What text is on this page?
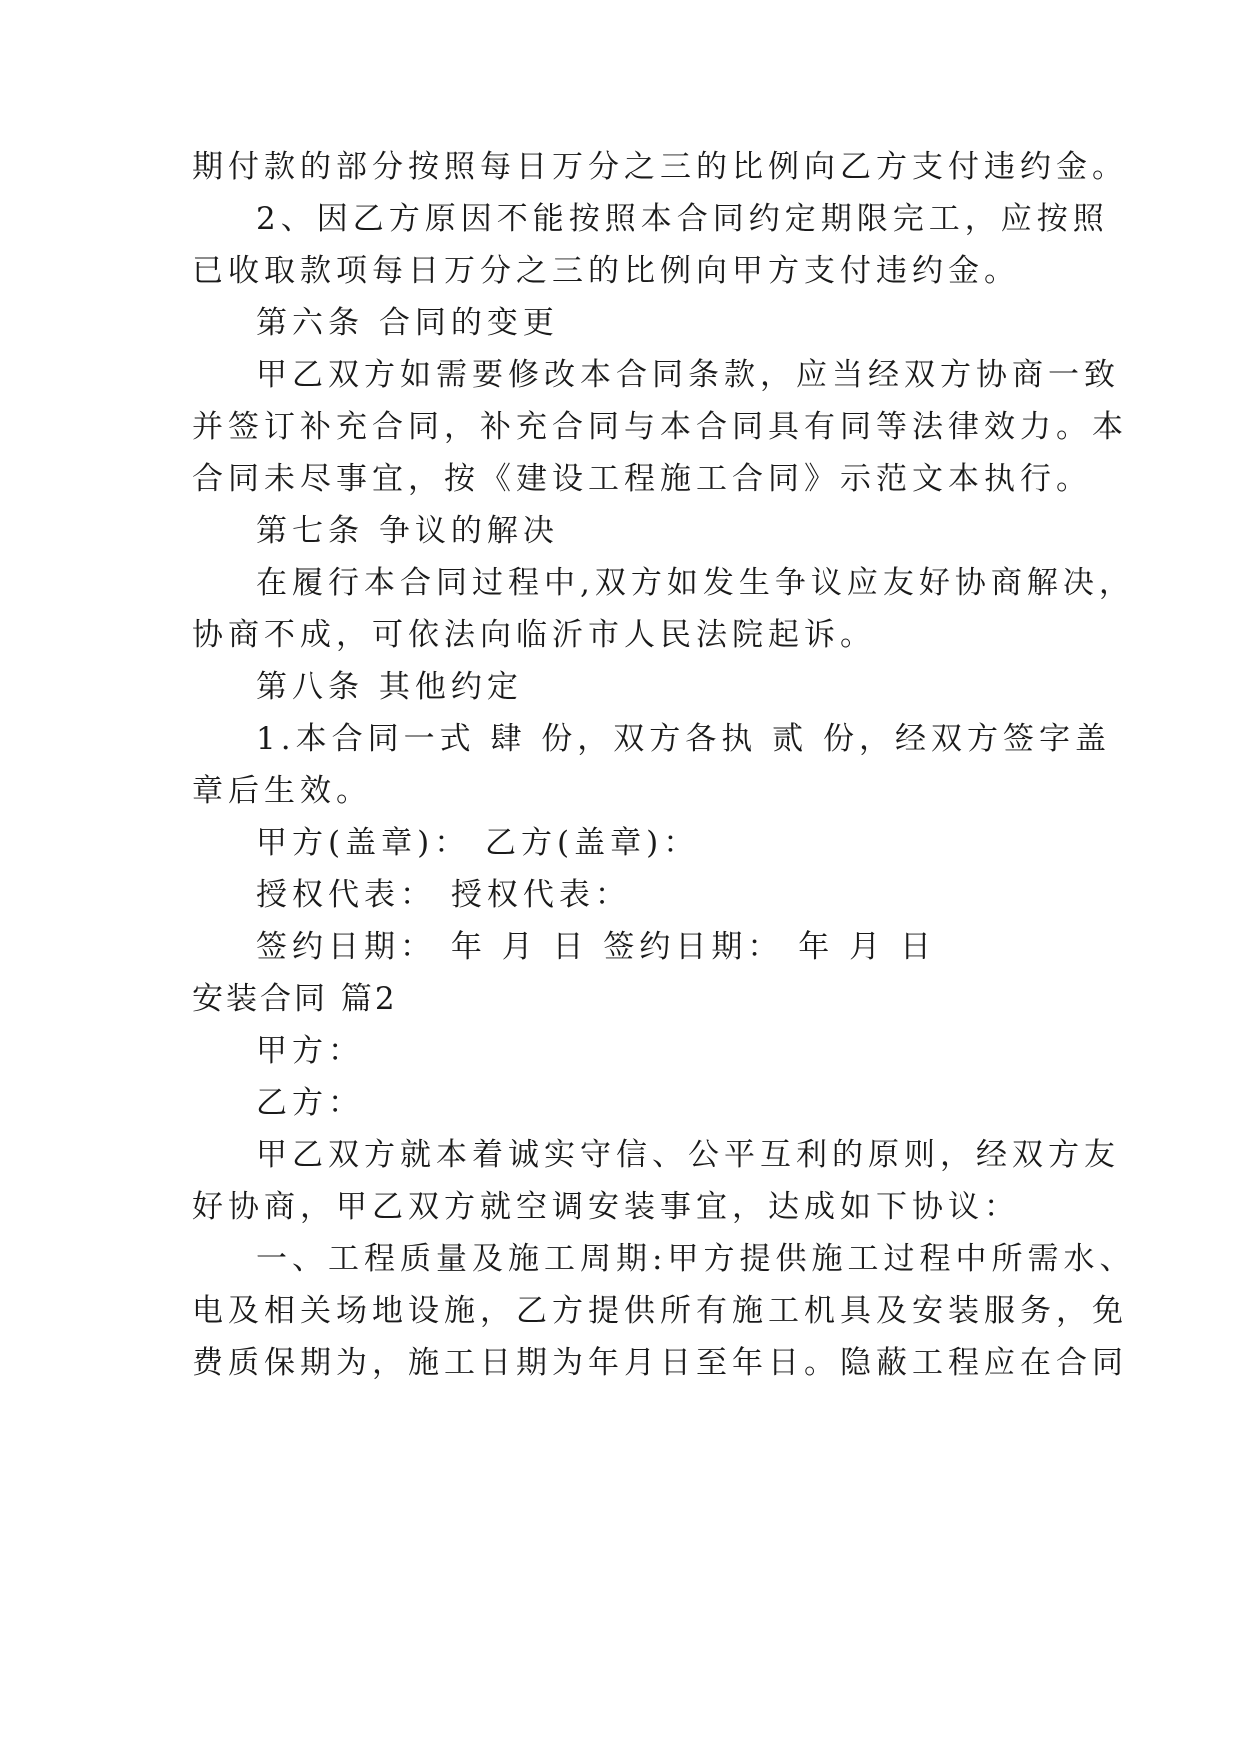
期付款的部分按照每日万分之三的比例向乙方支付违约金。
2、因乙方原因不能按照本合同约定期限完工，应按照
已收取款项每日万分之三的比例向甲方支付违约金。
第六条 合同的变更
甲乙双方如需要修改本合同条款，应当经双方协商一致
并签订补充合同，补充合同与本合同具有同等法律效力。本
合同未尽事宜，按《建设工程施工合同》示范文本执行。
第七条 争议的解决
在履行本合同过程中,双方如发生争议应友好协商解决，
协商不成，可依法向临沂市人民法院起诉。
第八条 其他约定
1.本合同一式 肆 份，双方各执 贰 份，经双方签字盖
章后生效。
甲方(盖章)： 乙方(盖章)：
授权代表： 授权代表：
签约日期： 年 月 日 签约日期： 年 月 日
安装合同 篇2
甲方：
乙方：
甲乙双方就本着诚实守信、公平互利的原则，经双方友
好协商，甲乙双方就空调安装事宜，达成如下协议：
一、工程质量及施工周期:甲方提供施工过程中所需水、
电及相关场地设施，乙方提供所有施工机具及安装服务，免
费质保期为，施工日期为年月日至年日。隐蔽工程应在合同
